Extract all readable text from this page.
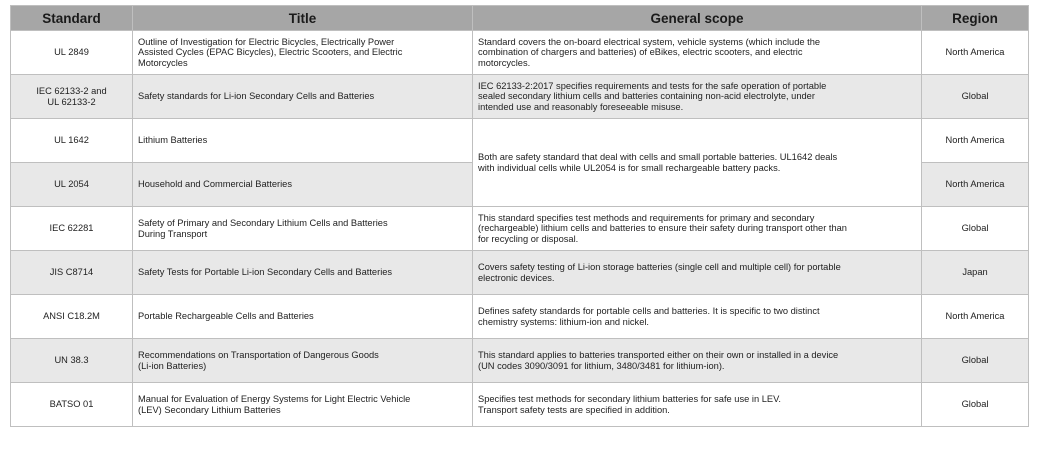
Standard	Title	General scope	Region

UL 2849	Outline of Investigation for Electric Bicycles, Electrically Power
Assisted Cycles (EPAC Bicycles), Electric Scooters, and Electric
Motorcycles	Standard covers the on-board electrical system, vehicle systems (which include the
combination of chargers and batteries) of eBikes, electric scooters, and electric
motorcycles.	North America

IEC 62133-2 and
UL 62133-2	Safety standards for Li-ion Secondary Cells and Batteries	IEC 62133-2:2017 specifies requirements and tests for the safe operation of portable
sealed secondary lithium cells and batteries containing non-acid electrolyte, under
intended use and reasonably foreseeable misuse.	Global

UL 1642	Lithium Batteries	Both are safety standard that deal with cells and small portable batteries. UL1642 deals
with individual cells while UL2054 is for small rechargeable battery packs.	North America

UL 2054	Household and Commercial Batteries		North America

IEC 62281	Safety of Primary and Secondary Lithium Cells and Batteries
During Transport	This standard specifies test methods and requirements for primary and secondary
(rechargeable) lithium cells and batteries to ensure their safety during transport other than
for recycling or disposal.	Global

JIS C8714	Safety Tests for Portable Li-ion Secondary Cells and Batteries	Covers safety testing of Li-ion storage batteries (single cell and multiple cell) for portable
electronic devices.	Japan

ANSI C18.2M	Portable Rechargeable Cells and Batteries	Defines safety standards for portable cells and batteries. It is specific to two distinct
chemistry systems: lithium-ion and nickel.	North America

UN 38.3	Recommendations on Transportation of Dangerous Goods
(Li-ion Batteries)	This standard applies to batteries transported either on their own or installed in a device
(UN codes 3090/3091 for lithium, 3480/3481 for lithium-ion).	Global

BATSO 01	Manual for Evaluation of Energy Systems for Light Electric Vehicle
(LEV) Secondary Lithium Batteries	Specifies test methods for secondary lithium batteries for safe use in LEV.
Transport safety tests are specified in addition.	Global
